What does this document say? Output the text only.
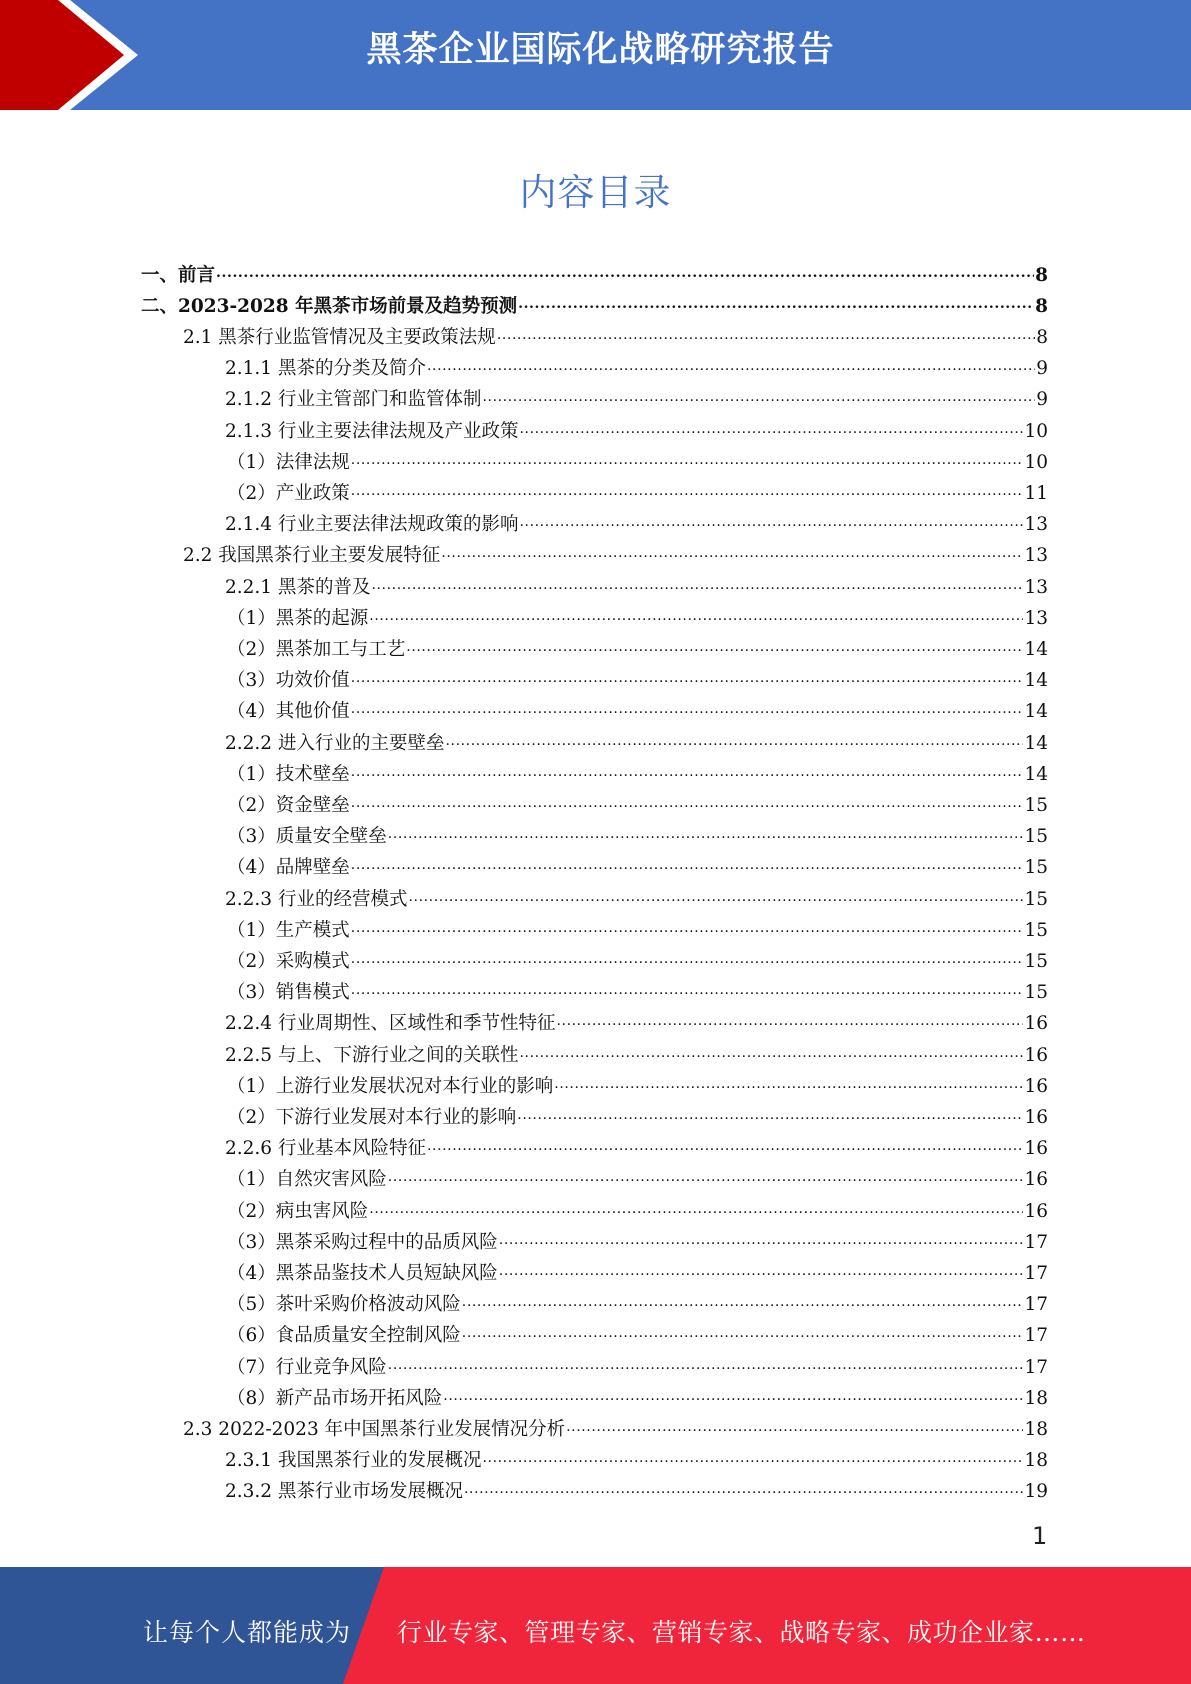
黑茶企业国际化战略研究报告
内容目录
一、前言 .....	8
二、2023-2028 年黑茶市场前景及趋势预测 .....	8
2.1 黑茶行业监管情况及主要政策法规 .....	8
2.1.1 黑茶的分类及简介 .....	9
2.1.2 行业主管部门和监管体制 .....	9
2.1.3 行业主要法律法规及产业政策 .....	10
（1）法律法规 .....	10
（2）产业政策 .....	11
2.1.4 行业主要法律法规政策的影响 .....	13
2.2 我国黑茶行业主要发展特征 .....	13
2.2.1 黑茶的普及 .....	13
（1）黑茶的起源 .....	13
（2）黑茶加工与工艺 .....	14
（3）功效价值 .....	14
（4）其他价值 .....	14
2.2.2 进入行业的主要壁垒 .....	14
（1）技术壁垒 .....	14
（2）资金壁垒 .....	15
（3）质量安全壁垒 .....	15
（4）品牌壁垒 .....	15
2.2.3 行业的经营模式 .....	15
（1）生产模式 .....	15
（2）采购模式 .....	15
（3）销售模式 .....	15
2.2.4 行业周期性、区域性和季节性特征 .....	16
2.2.5 与上、下游行业之间的关联性 .....	16
（1）上游行业发展状况对本行业的影响 .....	16
（2）下游行业发展对本行业的影响 .....	16
2.2.6 行业基本风险特征 .....	16
（1）自然灾害风险 .....	16
（2）病虫害风险 .....	16
（3）黑茶采购过程中的品质风险 .....	17
（4）黑茶品鉴技术人员短缺风险 .....	17
（5）茶叶采购价格波动风险 .....	17
（6）食品质量安全控制风险 .....	17
（7）行业竞争风险 .....	17
（8）新产品市场开拓风险 .....	18
2.3 2022-2023 年中国黑茶行业发展情况分析 .....	18
2.3.1 我国黑茶行业的发展概况 .....	18
2.3.2 黑茶行业市场发展概况 .....	19
1
让每个人都能成为 行业专家、管理专家、营销专家、战略专家、成功企业家……
